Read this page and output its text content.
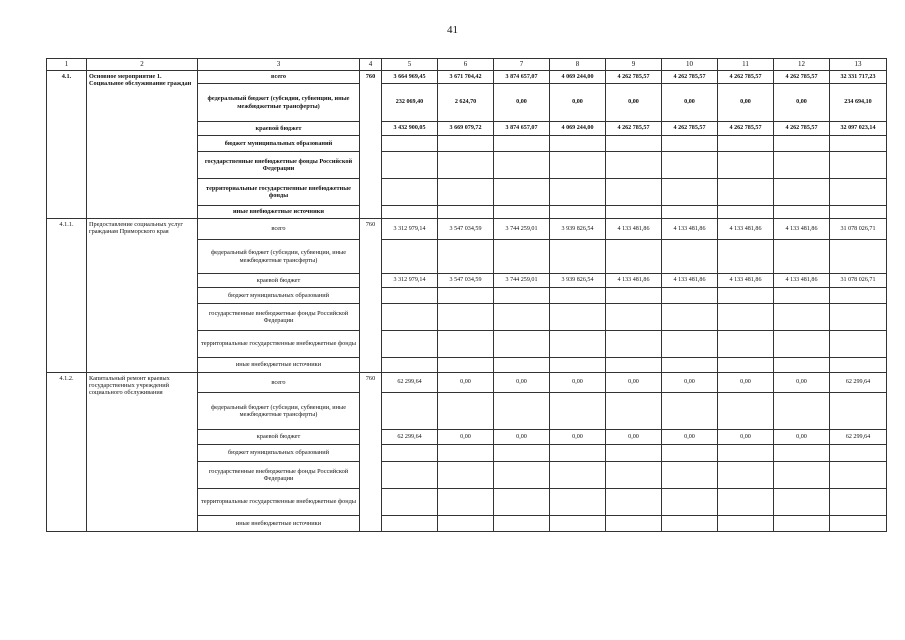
41
1	2	3	4	5	6	7	8	9	10	11	12	13
4.1.	Основное мероприятие 1. Социальное обслуживание граждан	всего	760	3 664 969,45	3 671 704,42	3 874 657,07	4 069 244,00	4 262 785,57	4 262 785,57	4 262 785,57	4 262 785,57	32 331 717,23
		федеральный бюджет (субсидии, субвенции, иные межбюджетные трансферты)		232 069,40	2 624,70	0,00	0,00	0,00	0,00	0,00	0,00	234 694,10
		краевой бюджет		3 432 900,05	3 669 079,72	3 874 657,07	4 069 244,00	4 262 785,57	4 262 785,57	4 262 785,57	4 262 785,57	32 097 023,14
		бюджет муниципальных образований										
		государственные внебюджетные фонды Российской Федерации										
		территориальные государственные внебюджетные фонды										
		иные внебюджетные источники										
4.1.1.	Предоставление социальных услуг гражданам Приморского края	всего	760	3 312 979,14	3 547 034,59	3 744 259,01	3 939 826,54	4 133 481,86	4 133 481,86	4 133 481,86	4 133 481,86	31 078 026,71
		федеральный бюджет (субсидии, субвенции, иные межбюджетные трансферты)										
		краевой бюджет		3 312 979,14	3 547 034,59	3 744 259,01	3 939 826,54	4 133 481,86	4 133 481,86	4 133 481,86	4 133 481,86	31 078 026,71
		бюджет муниципальных образований										
		государственные внебюджетные фонды Российской Федерации										
		территориальные государственные внебюджетные фонды										
		иные внебюджетные источники										
4.1.2.	Капитальный ремонт краевых государственных учреждений социального обслуживания	всего	760	62 299,64	0,00	0,00	0,00	0,00	0,00	0,00	0,00	62 299,64
		федеральный бюджет (субсидии, субвенции, иные межбюджетные трансферты)										
		краевой бюджет		62 299,64	0,00	0,00	0,00	0,00	0,00	0,00	0,00	62 299,64
		бюджет муниципальных образований										
		государственные внебюджетные фонды Российской Федерации										
		территориальные государственные внебюджетные фонды										
		иные внебюджетные источники										
